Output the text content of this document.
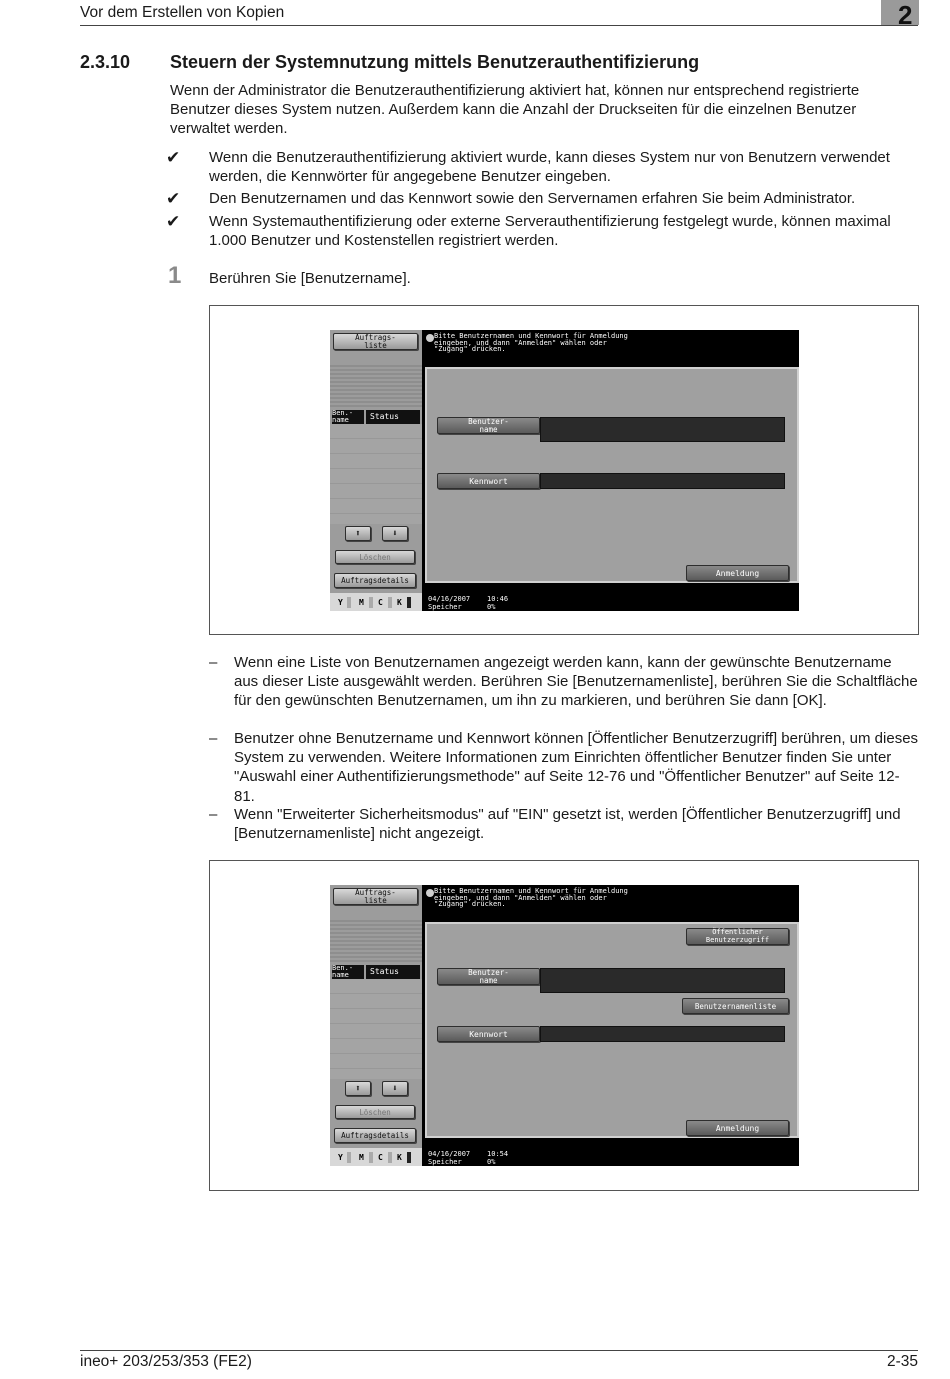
Vor dem Erstellen von Kopien	2
2.3.10 Steuern der Systemnutzung mittels Benutzerauthentifizierung
Wenn der Administrator die Benutzerauthentifizierung aktiviert hat, können nur entsprechend registrierte Benutzer dieses System nutzen. Außerdem kann die Anzahl der Druckseiten für die einzelnen Benutzer verwaltet werden.
✔ Wenn die Benutzerauthentifizierung aktiviert wurde, kann dieses System nur von Benutzern verwendet werden, die Kennwörter für angegebene Benutzer eingeben.
✔ Den Benutzernamen und das Kennwort sowie den Servernamen erfahren Sie beim Administrator.
✔ Wenn Systemauthentifizierung oder externe Serverauthentifizierung festgelegt wurde, können maximal 1.000 Benutzer und Kostenstellen registriert werden.
1 Berühren Sie [Benutzername].
Auftrags-
liste
Ben.-
name	Status
⬆	⬇
Löschen
Auftragsdetails
Y M C K
Bitte Benutzernamen und Kennwort für Anmeldung
eingeben, und dann "Anmelden" wählen oder
"Zugang" drücken.
Benutzer-
name
Kennwort
Anmeldung
04/16/2007 10:46
Speicher	0%
– Wenn eine Liste von Benutzernamen angezeigt werden kann, kann der gewünschte Benutzername aus dieser Liste ausgewählt werden. Berühren Sie [Benutzernamenliste], berühren Sie die Schaltfläche für den gewünschten Benutzernamen, um ihn zu markieren, und berühren Sie dann [OK].
– Benutzer ohne Benutzername und Kennwort können [Öffentlicher Benutzerzugriff] berühren, um dieses System zu verwenden. Weitere Informationen zum Einrichten öffentlicher Benutzer finden Sie unter "Auswahl einer Authentifizierungsmethode" auf Seite 12-76 und "Öffentlicher Benutzer" auf Seite 12-81.
– Wenn "Erweiterter Sicherheitsmodus" auf "EIN" gesetzt ist, werden [Öffentlicher Benutzerzugriff] und [Benutzernamenliste] nicht angezeigt.
Auftrags-
liste
Ben.-
name	Status
⬆	⬇
Löschen
Auftragsdetails
Y M C K
Bitte Benutzernamen und Kennwort für Anmeldung
eingeben, und dann "Anmelden" wählen oder
"Zugang" drücken.
Öffentlicher
Benutzerzugriff
Benutzer-
name
Benutzernamenliste
Kennwort
Anmeldung
04/16/2007 10:54
Speicher	0%
ineo+ 203/253/353 (FE2)	2-35
